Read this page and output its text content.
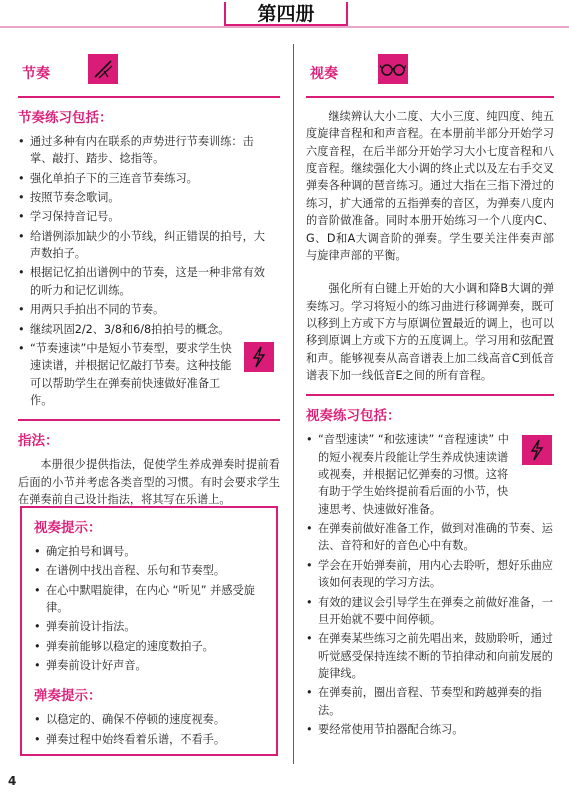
第四册
节奏
节奏练习包括：
• 通过多种有内在联系的声势进行节奏训练：击掌、敲打、踏步、捻指等。
• 强化单拍子下的三连音节奏练习。
• 按照节奏念歌词。
• 学习保持音记号。
• 给谱例添加缺少的小节线，纠正错误的拍号，大声数拍子。
• 根据记忆拍出谱例中的节奏，这是一种非常有效的听力和记忆训练。
• 用两只手拍出不同的节奏。
• 继续巩固2/2、3/8和6/8拍拍号的概念。
• “节奏速读”中是短小节奏型，要求学生快速读谱，并根据记忆敲打节奏。这种技能可以帮助学生在弹奏前快速做好准备工作。
指法：

本册很少提供指法，促使学生养成弹奏时提前看后面的小节并考虑各类音型的习惯。有时会要求学生在弹奏前自己设计指法，将其写在乐谱上。

视奏提示：
• 确定拍号和调号。
• 在谱例中找出音程、乐句和节奏型。
• 在心中默唱旋律，在内心 “听见” 并感受旋律。
• 弹奏前设计指法。
• 弹奏前能够以稳定的速度数拍子。
• 弹奏前设计好声音。
弹奏提示：
• 以稳定的、确保不停顿的速度视奏。
• 弹奏过程中始终看着乐谱，不看手。
视奏

继续辨认大小二度、大小三度、纯四度、纯五度旋律音程和和声音程。在本册前半部分开始学习六度音程，在后半部分开始学习大小七度音程和八度音程。继续强化大小调的终止式以及左右手交叉弹奏各种调的琶音练习。通过大指在三指下滑过的练习，扩大通常的五指弹奏的音区，为弹奏八度内的音阶做准备。同时本册开始练习一个八度内C、G、D和A大调音阶的弹奏。学生要关注伴奏声部与旋律声部的平衡。

强化所有白键上开始的大小调和降B大调的弹奏练习。学习将短小的练习曲进行移调弹奏，既可以移到上方或下方与原调位置最近的调上，也可以移到原调上方或下方的五度调上。学习用和弦配置和声。能够视奏从高音谱表上加二线高音C到低音谱表下加一线低音E之间的所有音程。

视奏练习包括：
• “音型速读” “和弦速读” “音程速读” 中的短小视奏片段能让学生养成快速读谱或视奏，并根据记忆弹奏的习惯。这将有助于学生始终提前看后面的小节，快速思考、快速做好准备。
• 在弹奏前做好准备工作，做到对准确的节奏、运法、音符和好的音色心中有数。
• 学会在开始弹奏前，用内心去聆听，想好乐曲应该如何表现的学习方法。
• 有效的建议会引导学生在弹奏之前做好准备，一旦开始就不要中间停顿。
• 在弹奏某些练习之前先唱出来，鼓励聆听，通过听觉感受保持连续不断的节拍律动和向前发展的旋律线。
• 在弹奏前，圈出音程、节奏型和跨越弹奏的指法。
• 要经常使用节拍器配合练习。
4
